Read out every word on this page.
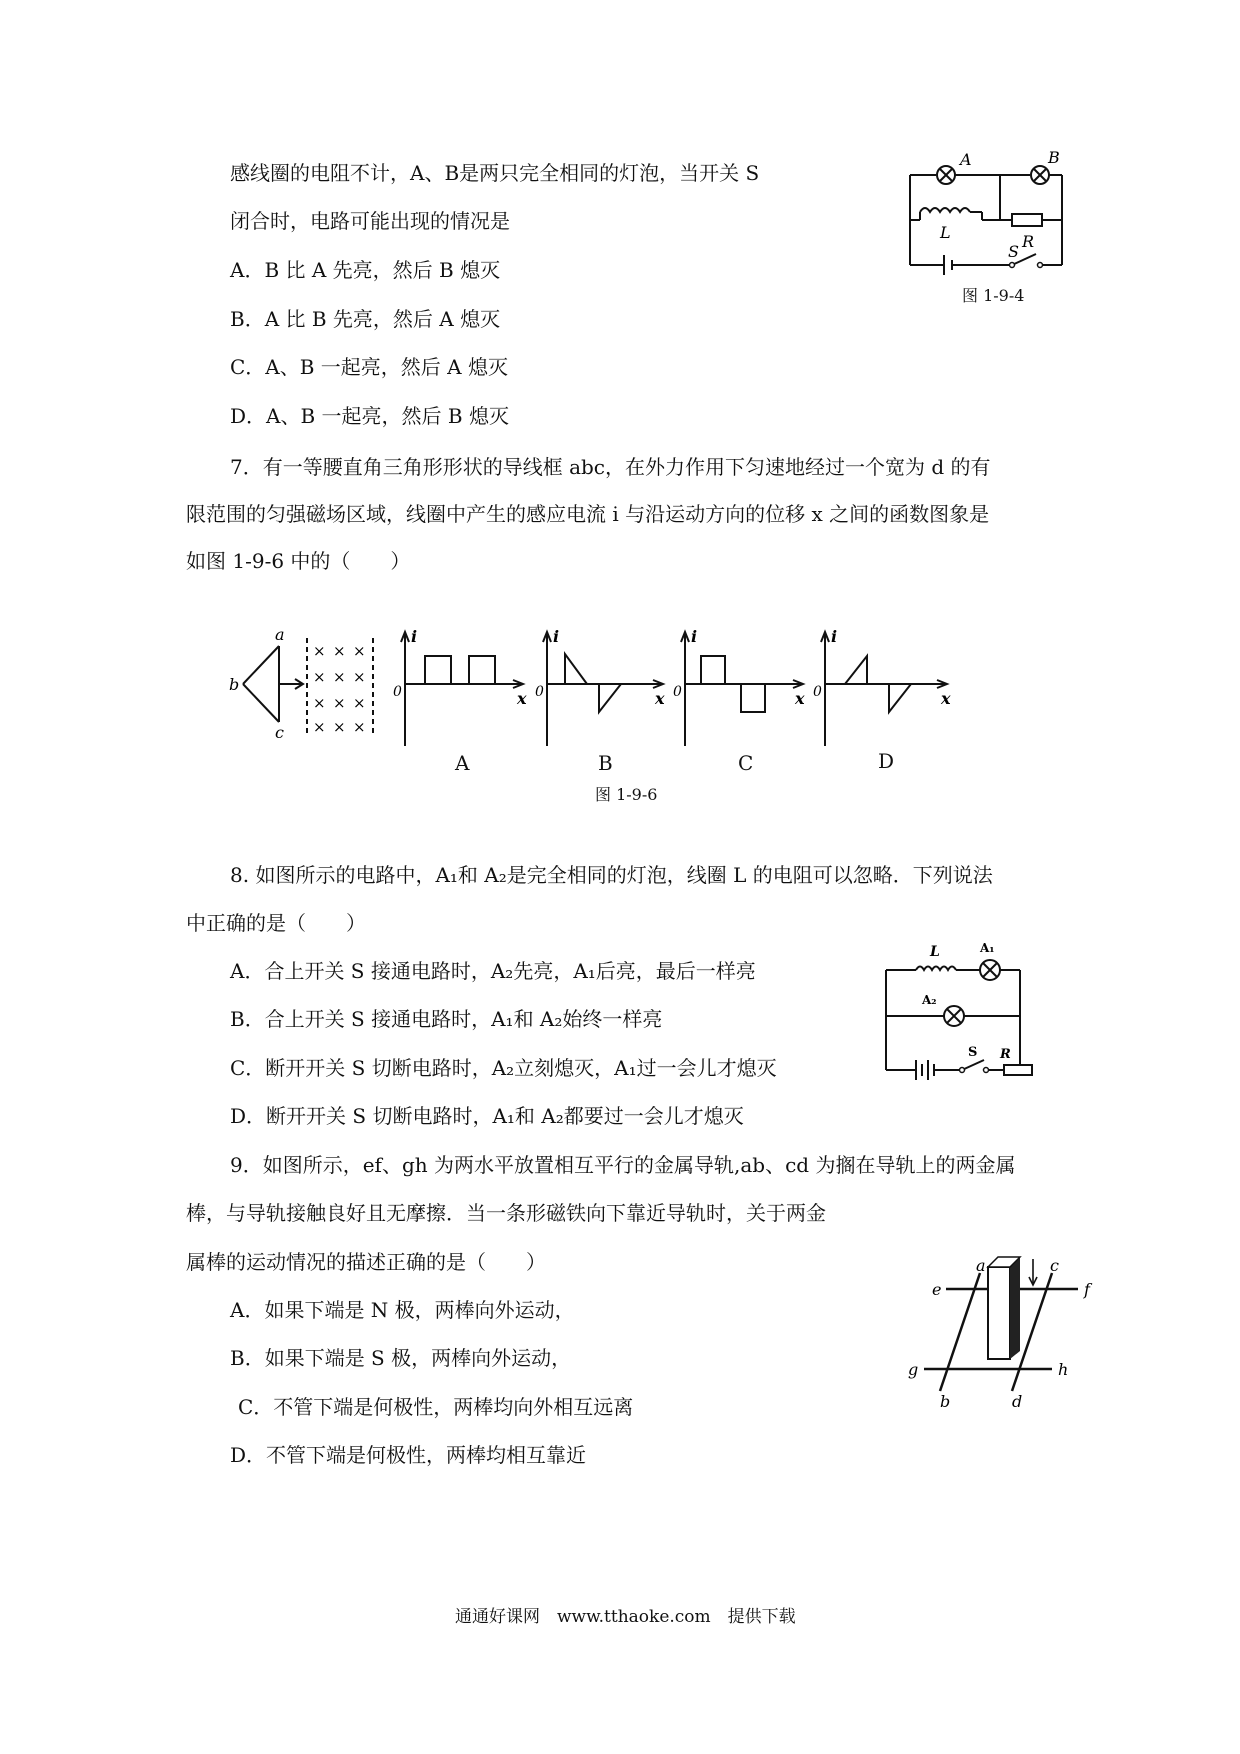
感线圈的电阻不计，A、B是两只完全相同的灯泡，当开关 S
闭合时，电路可能出现的情况是
A．B 比 A 先亮，然后 B 熄灭
B．A 比 B 先亮，然后 A 熄灭
C．A、B 一起亮，然后 A 熄灭
D．A、B 一起亮，然后 B 熄灭
A	B
L	R
S
图 1-9-4
7．有一等腰直角三角形形状的导线框 abc，在外力作用下匀速地经过一个宽为 d 的有
限范围的匀强磁场区域，线圈中产生的感应电流 i 与沿运动方向的位移 x 之间的函数图象是
如图 1-9-6 中的（　　）
a
b
c
× × ×
× × ×
× × ×
× × ×
i
0	x
i
0	x
i
0	x
i
0	x
A	B	C	D
图 1-9-6
8. 如图所示的电路中，A₁和 A₂是完全相同的灯泡，线圈 L 的电阻可以忽略．下列说法
中正确的是（　　）
A．合上开关 S 接通电路时，A₂先亮，A₁后亮，最后一样亮
B．合上开关 S 接通电路时，A₁和 A₂始终一样亮
C．断开开关 S 切断电路时，A₂立刻熄灭，A₁过一会儿才熄灭
D．断开开关 S 切断电路时，A₁和 A₂都要过一会儿才熄灭
L	A₁
A₂
S R
9．如图所示，ef、gh 为两水平放置相互平行的金属导轨,ab、cd 为搁在导轨上的两金属
棒，与导轨接触良好且无摩擦．当一条形磁铁向下靠近导轨时，关于两金
属棒的运动情况的描述正确的是（　　）
A．如果下端是 N 极，两棒向外运动，
B．如果下端是 S 极，两棒向外运动，
C．不管下端是何极性，两棒均向外相互远离
D．不管下端是何极性，两棒均相互靠近
a
b
c
d
e	f
g	h
通通好课网　www.tthaoke.com　提供下载
